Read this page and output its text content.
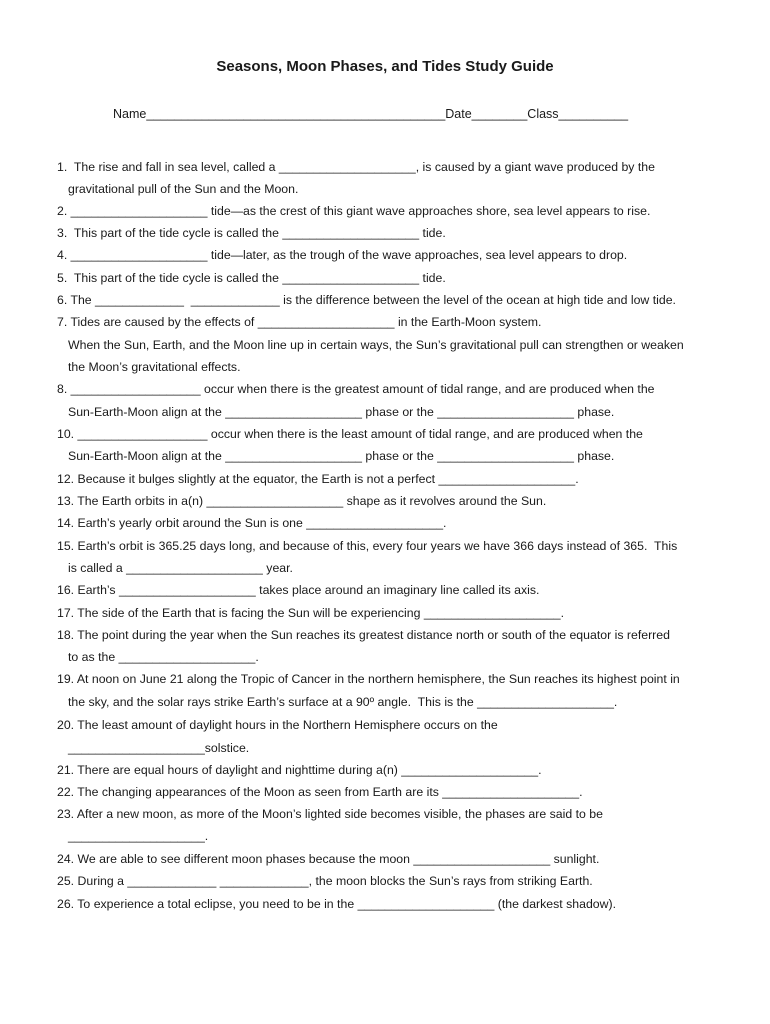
Seasons, Moon Phases, and Tides Study Guide
Name___________________________________________Date________Class__________
1.  The rise and fall in sea level, called a ____________________, is caused by a giant wave produced by the
gravitational pull of the Sun and the Moon.
2. ____________________ tide—as the crest of this giant wave approaches shore, sea level appears to rise.
3.  This part of the tide cycle is called the ____________________ tide.
4. ____________________ tide—later, as the trough of the wave approaches, sea level appears to drop.
5.  This part of the tide cycle is called the ____________________ tide.
6. The _____________  _____________ is the difference between the level of the ocean at high tide and low tide.
7. Tides are caused by the effects of ____________________ in the Earth-Moon system.
When the Sun, Earth, and the Moon line up in certain ways, the Sun’s gravitational pull can strengthen or weaken
the Moon’s gravitational effects.
8. ___________________ occur when there is the greatest amount of tidal range, and are produced when the
Sun-Earth-Moon align at the ____________________ phase or the ____________________ phase.
10. ___________________ occur when there is the least amount of tidal range, and are produced when the
Sun-Earth-Moon align at the ____________________ phase or the ____________________ phase.
12. Because it bulges slightly at the equator, the Earth is not a perfect ____________________.
13. The Earth orbits in a(n) ____________________ shape as it revolves around the Sun.
14. Earth’s yearly orbit around the Sun is one ____________________.
15. Earth’s orbit is 365.25 days long, and because of this, every four years we have 366 days instead of 365.  This
is called a ____________________ year.
16. Earth’s ____________________ takes place around an imaginary line called its axis.
17. The side of the Earth that is facing the Sun will be experiencing ____________________.
18. The point during the year when the Sun reaches its greatest distance north or south of the equator is referred
to as the ____________________.
19. At noon on June 21 along the Tropic of Cancer in the northern hemisphere, the Sun reaches its highest point in
the sky, and the solar rays strike Earth’s surface at a 90º angle.  This is the ____________________.
20. The least amount of daylight hours in the Northern Hemisphere occurs on the
____________________solstice.
21. There are equal hours of daylight and nighttime during a(n) ____________________.
22. The changing appearances of the Moon as seen from Earth are its ____________________.
23. After a new moon, as more of the Moon’s lighted side becomes visible, the phases are said to be
____________________.
24. We are able to see different moon phases because the moon ____________________ sunlight.
25. During a _____________ _____________, the moon blocks the Sun’s rays from striking Earth.
26. To experience a total eclipse, you need to be in the ____________________ (the darkest shadow).
